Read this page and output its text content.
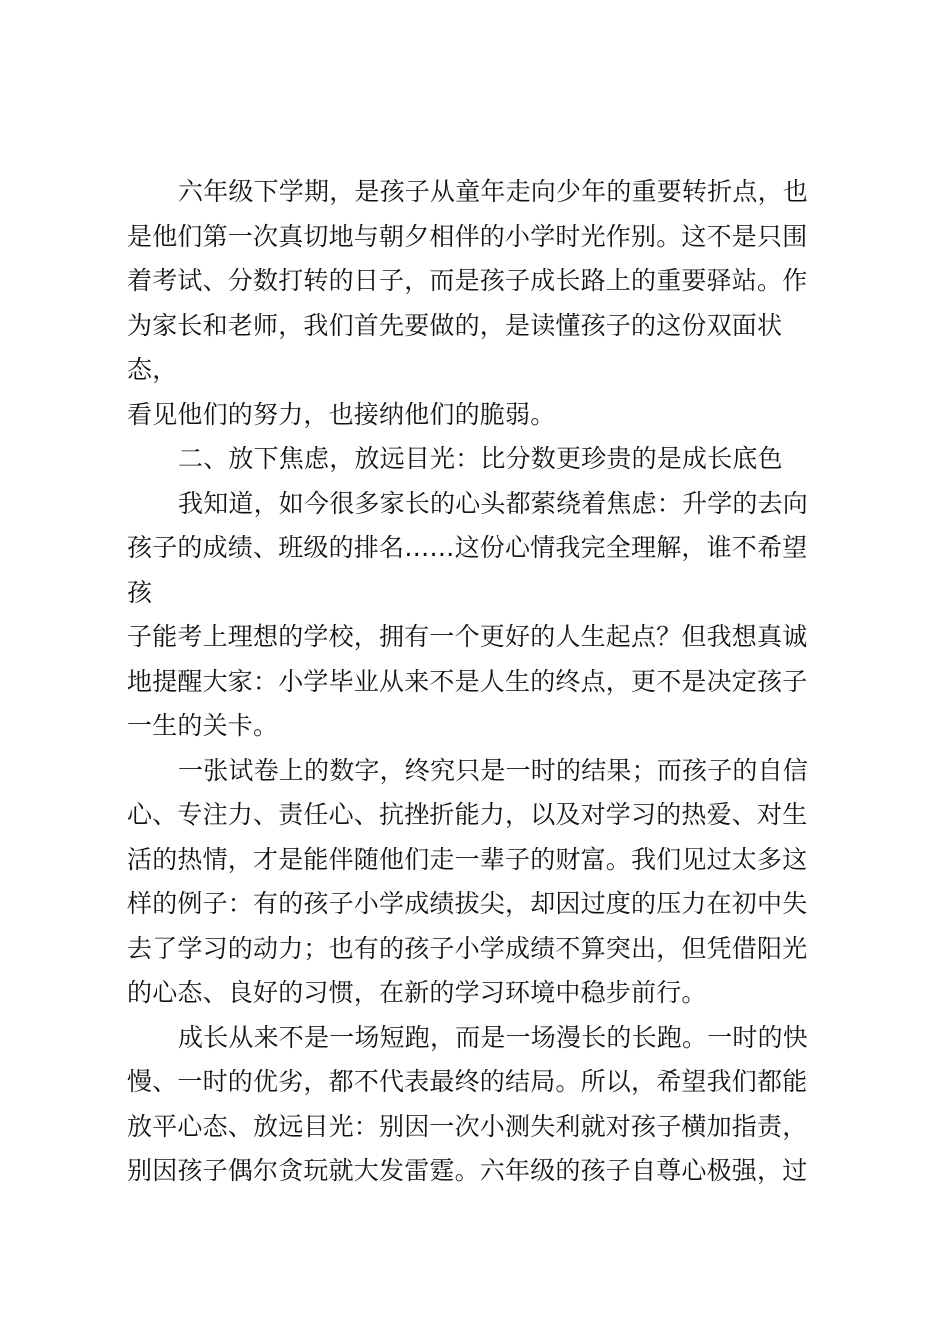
六年级下学期，是孩子从童年走向少年的重要转折点，也
是他们第一次真切地与朝夕相伴的小学时光作别。这不是只围
着考试、分数打转的日子，而是孩子成长路上的重要驿站。作
为家长和老师，我们首先要做的，是读懂孩子的这份双面状态，
看见他们的努力，也接纳他们的脆弱。

二、放下焦虑，放远目光：比分数更珍贵的是成长底色

我知道，如今很多家长的心头都萦绕着焦虑：升学的去向
孩子的成绩、班级的排名……这份心情我完全理解，谁不希望孩
子能考上理想的学校，拥有一个更好的人生起点？但我想真诚
地提醒大家：小学毕业从来不是人生的终点，更不是决定孩子
一生的关卡。

一张试卷上的数字，终究只是一时的结果；而孩子的自信
心、专注力、责任心、抗挫折能力，以及对学习的热爱、对生
活的热情，才是能伴随他们走一辈子的财富。我们见过太多这
样的例子：有的孩子小学成绩拔尖，却因过度的压力在初中失
去了学习的动力；也有的孩子小学成绩不算突出，但凭借阳光
的心态、良好的习惯，在新的学习环境中稳步前行。

成长从来不是一场短跑，而是一场漫长的长跑。一时的快
慢、一时的优劣，都不代表最终的结局。所以，希望我们都能
放平心态、放远目光：别因一次小测失利就对孩子横加指责，
别因孩子偶尔贪玩就大发雷霆。六年级的孩子自尊心极强，过
